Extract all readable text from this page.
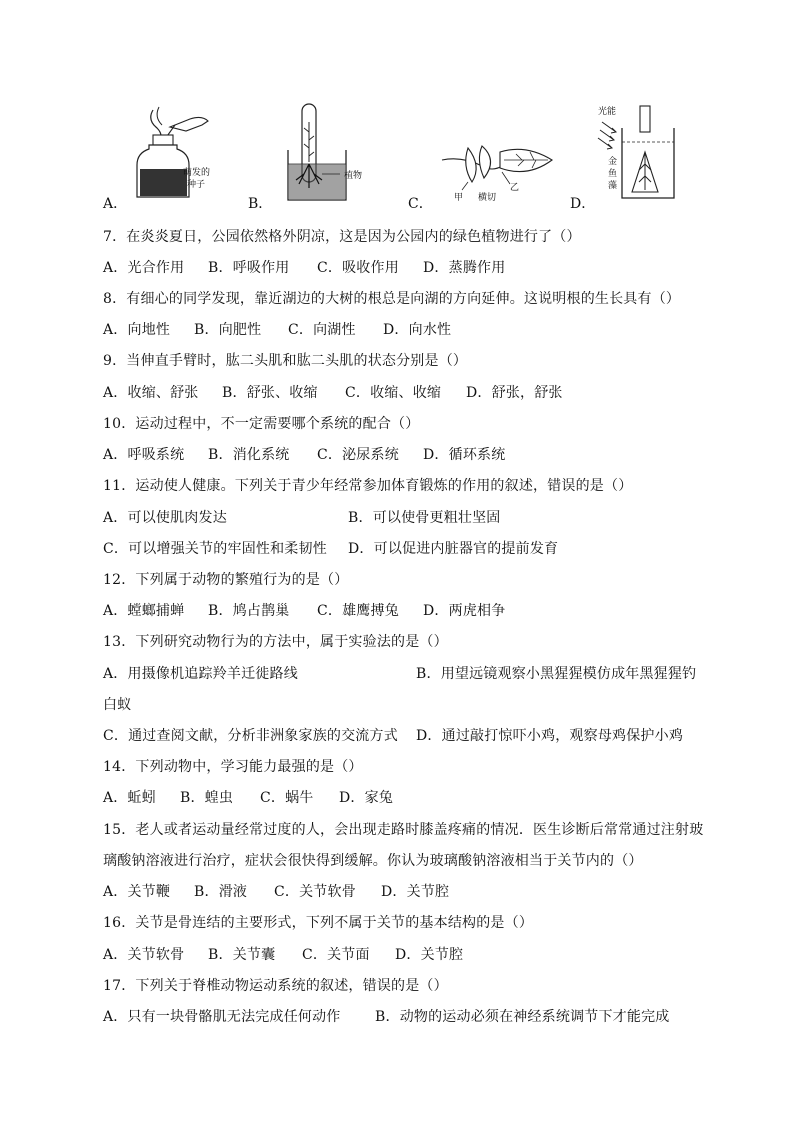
A．
萌发的
种子
B．
植物
C． 甲 横切
乙
D．
光能
金
鱼
藻
7．在炎炎夏日，公园依然格外阴凉，这是因为公园内的绿色植物进行了（）
A．光合作用 B．呼吸作用 C．吸收作用 D．蒸腾作用
8．有细心的同学发现，靠近湖边的大树的根总是向湖的方向延伸。这说明根的生长具有（）
A．向地性 B．向肥性 C．向湖性 D．向水性
9．当伸直手臂时，肱二头肌和肱二头肌的状态分别是（）
A．收缩、舒张 B．舒张、收缩 C．收缩、收缩 D．舒张，舒张
10．运动过程中，不一定需要哪个系统的配合（）
A．呼吸系统 B．消化系统 C．泌尿系统 D．循环系统
11．运动使人健康。下列关于青少年经常参加体育锻炼的作用的叙述，错误的是（）
A．可以使肌肉发达	B．可以使骨更粗壮坚固
C．可以增强关节的牢固性和柔韧性 D．可以促进内脏器官的提前发育
12．下列属于动物的繁殖行为的是（）
A．螳螂捕蝉 B．鸠占鹊巢 C．雄鹰搏兔 D．两虎相争
13．下列研究动物行为的方法中，属于实验法的是（）
A．用摄像机追踪羚羊迁徙路线	B．用望远镜观察小黑猩猩模仿成年黑猩猩钓
白蚁
C．通过查阅文献，分析非洲象家族的交流方式 D．通过敲打惊吓小鸡，观察母鸡保护小鸡
14．下列动物中，学习能力最强的是（）
A．蚯蚓 B．蝗虫 C．蜗牛 D．家兔
15．老人或者运动量经常过度的人，会出现走路时膝盖疼痛的情况．医生诊断后常常通过注射玻
璃酸钠溶液进行治疗，症状会很快得到缓解。你认为玻璃酸钠溶液相当于关节内的（）
A．关节鞭 B．滑液 C．关节软骨 D．关节腔
16．关节是骨连结的主要形式，下列不属于关节的基本结构的是（）
A．关节软骨 B．关节囊 C．关节面 D．关节腔
17．下列关于脊椎动物运动系统的叙述，错误的是（）
A．只有一块骨骼肌无法完成任何动作 B．动物的运动必须在神经系统调节下才能完成
